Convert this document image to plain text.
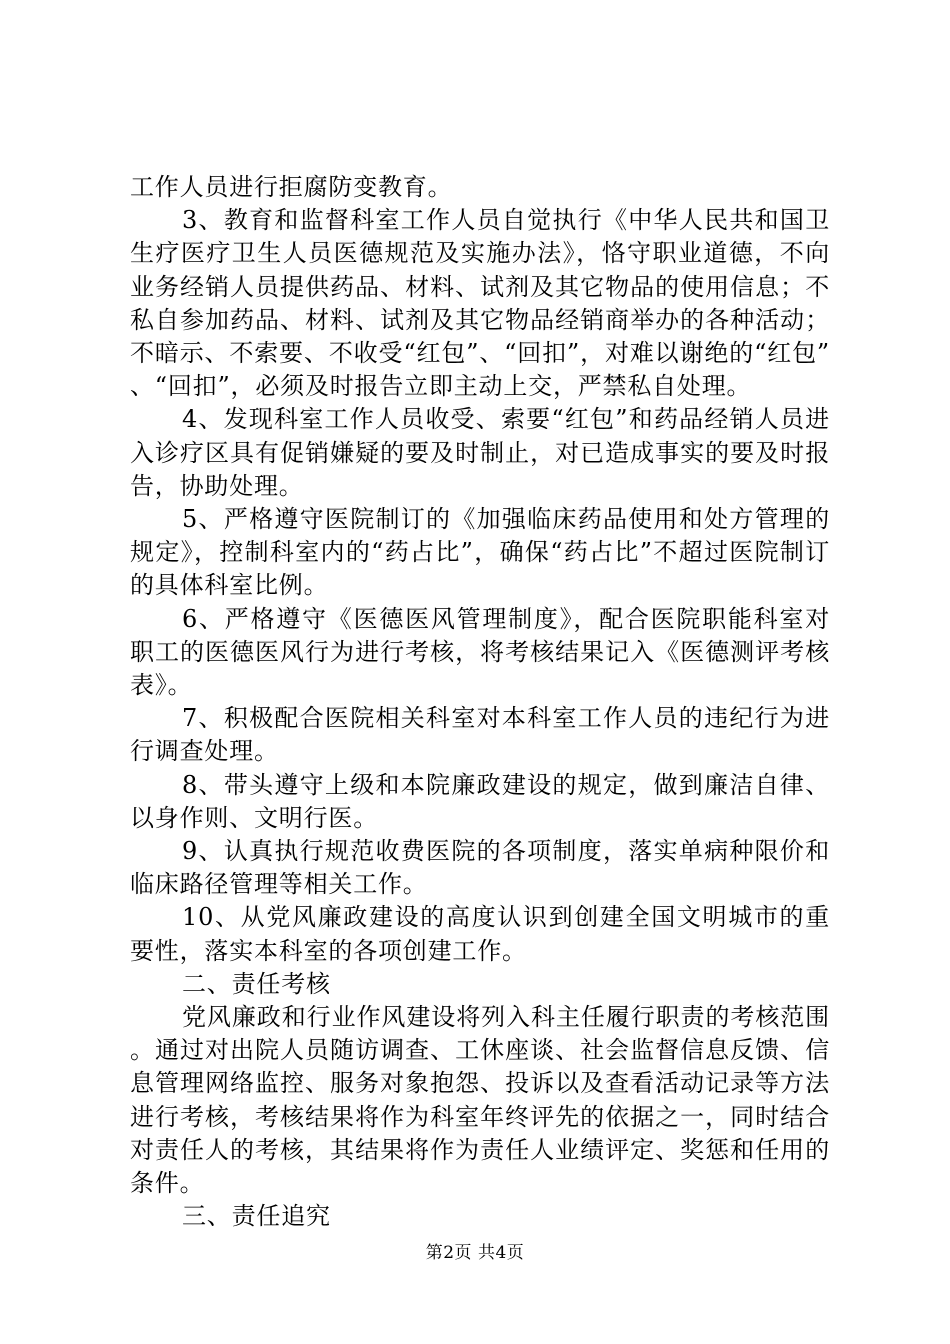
工作人员进行拒腐防变教育。

3、教育和监督科室工作人员自觉执行《中华人民共和国卫生疗医疗卫生人员医德规范及实施办法》，恪守职业道德，不向业务经销人员提供药品、材料、试剂及其它物品的使用信息；不私自参加药品、材料、试剂及其它物品经销商举办的各种活动；不暗示、不索要、不收受“红包”、“回扣”，对难以谢绝的“红包”、“回扣”，必须及时报告立即主动上交，严禁私自处理。

4、发现科室工作人员收受、索要“红包”和药品经销人员进入诊疗区具有促销嫌疑的要及时制止，对已造成事实的要及时报告，协助处理。

5、严格遵守医院制订的《加强临床药品使用和处方管理的规定》，控制科室内的“药占比”，确保“药占比”不超过医院制订的具体科室比例。

6、严格遵守《医德医风管理制度》，配合医院职能科室对职工的医德医风行为进行考核，将考核结果记入《医德测评考核表》。

7、积极配合医院相关科室对本科室工作人员的违纪行为进行调查处理。

8、带头遵守上级和本院廉政建设的规定，做到廉洁自律、以身作则、文明行医。

9、认真执行规范收费医院的各项制度，落实单病种限价和临床路径管理等相关工作。

10、从党风廉政建设的高度认识到创建全国文明城市的重要性，落实本科室的各项创建工作。

二、责任考核

党风廉政和行业作风建设将列入科主任履行职责的考核范围。通过对出院人员随访调查、工休座谈、社会监督信息反馈、信息管理网络监控、服务对象抱怨、投诉以及查看活动记录等方法进行考核，考核结果将作为科室年终评先的依据之一，同时结合对责任人的考核，其结果将作为责任人业绩评定、奖惩和任用的条件。

三、责任追究

第2页 共4页
